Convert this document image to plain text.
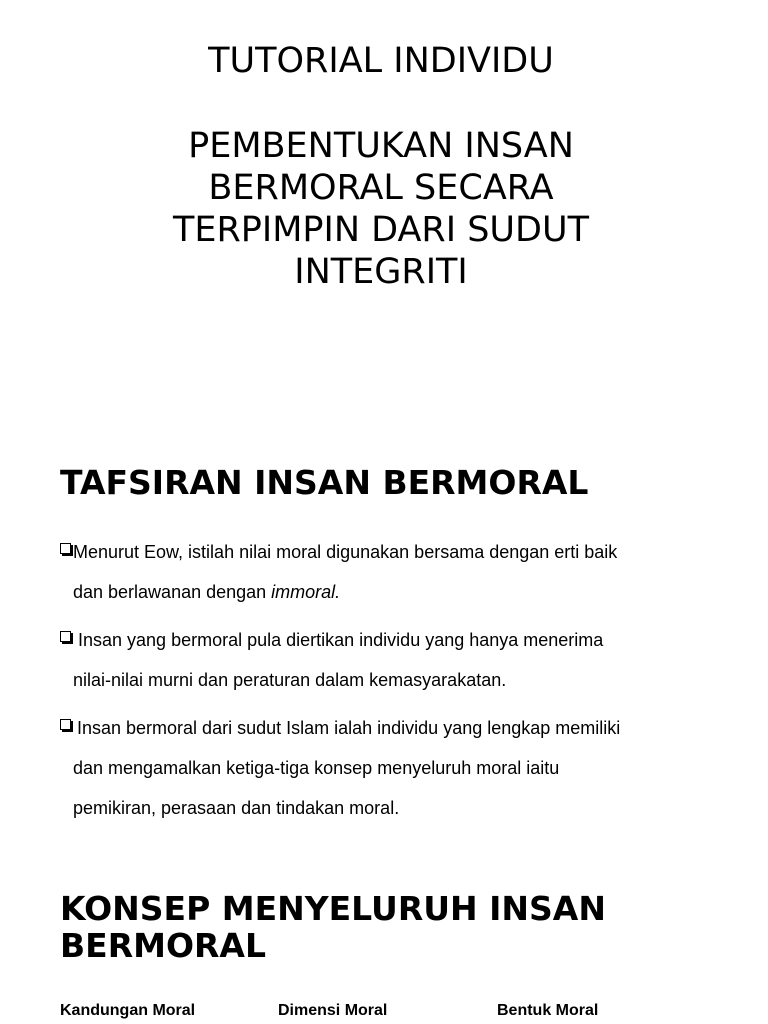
TUTORIAL INDIVIDU
PEMBENTUKAN INSAN BERMORAL SECARA TERPIMPIN DARI SUDUT INTEGRITI
TAFSIRAN INSAN BERMORAL
Menurut Eow, istilah nilai moral digunakan bersama dengan erti baik
dan berlawanan dengan immoral.
Insan yang bermoral pula diertikan individu yang hanya menerima
nilai-nilai murni dan peraturan dalam kemasyarakatan.
Insan bermoral dari sudut Islam ialah individu yang lengkap memiliki
dan mengamalkan ketiga-tiga konsep menyeluruh moral iaitu
pemikiran, perasaan dan tindakan moral.
KONSEP MENYELURUH INSAN BERMORAL
Kandungan Moral	Dimensi Moral	Bentuk Moral
